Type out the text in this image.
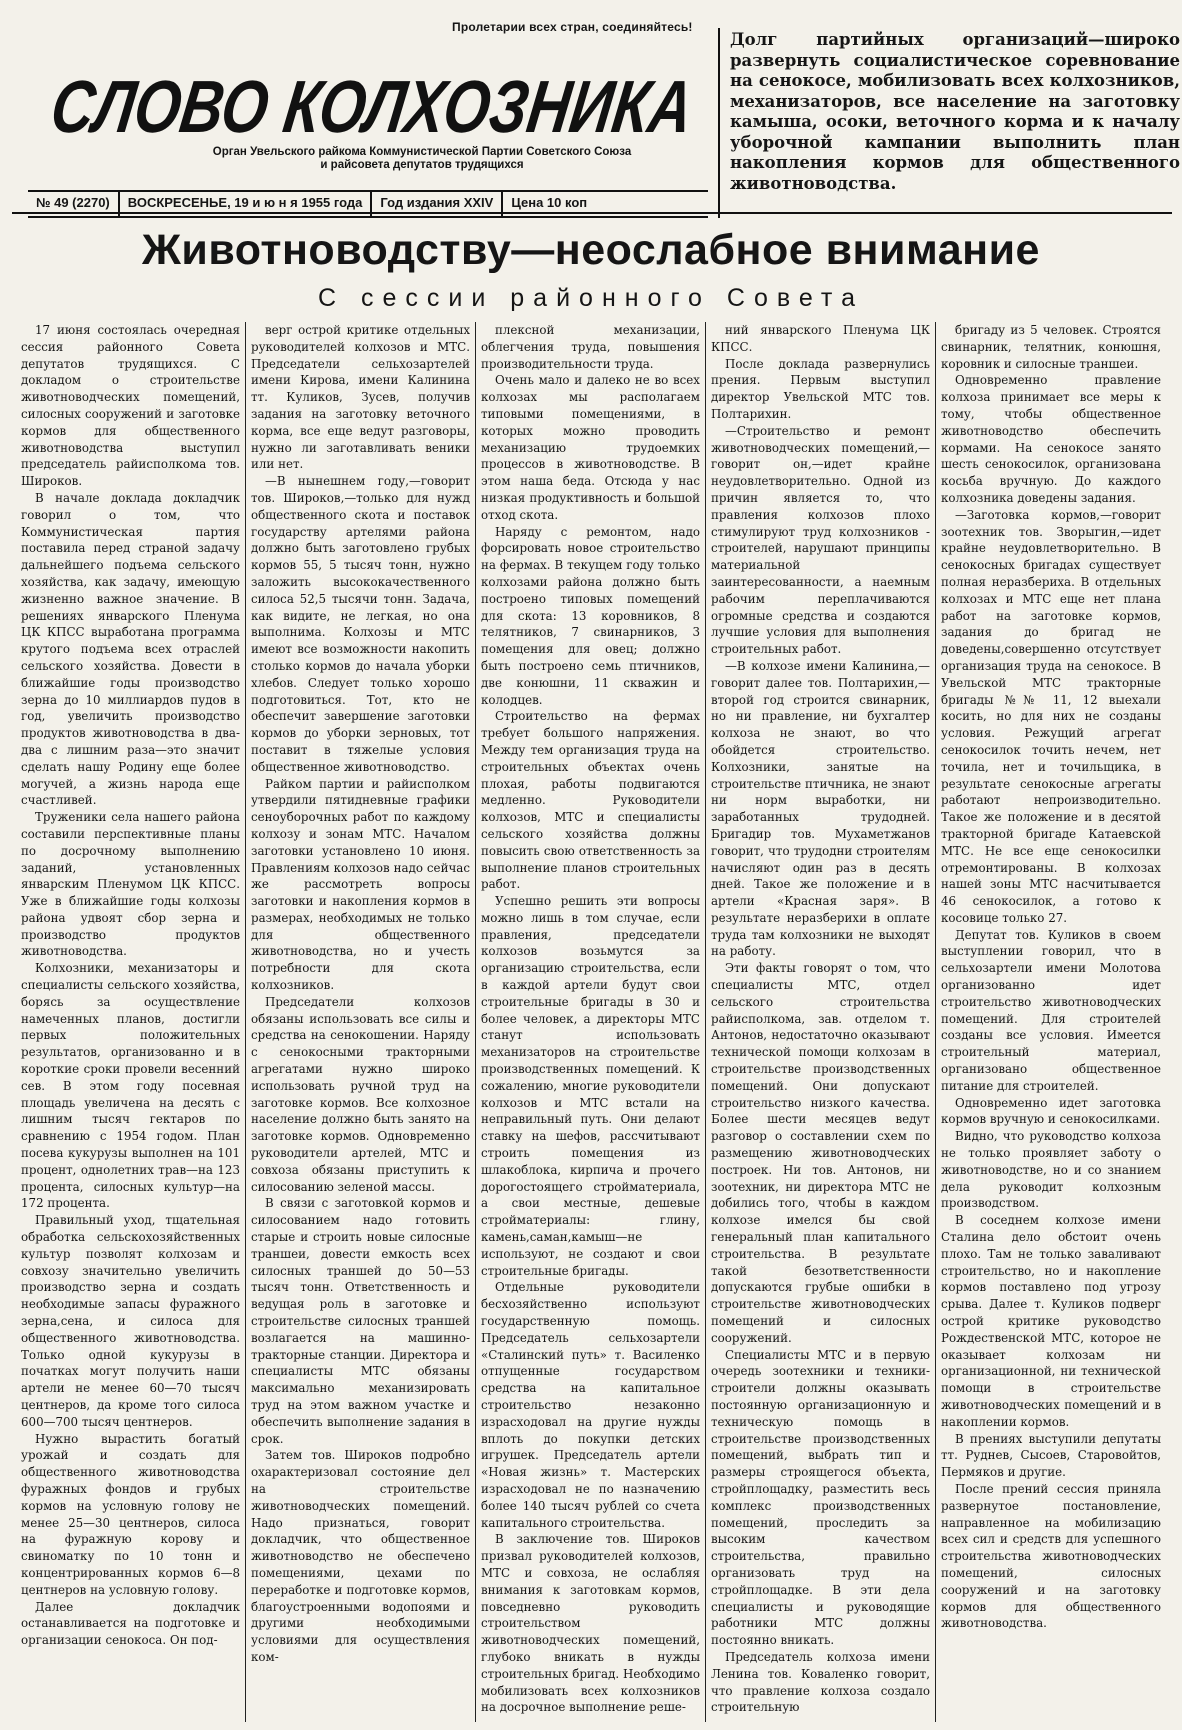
Пролетарии всех стран, соединяйтесь!
СЛОВО КОЛХОЗНИКА
Орган Увельского райкома Коммунистической Партии Советского Союза
и райсовета депутатов трудящихся
№ 49 (2270)	ВОСКРЕСЕНЬЕ, 19 и ю н я 1955 года	Год издания XXIV	Цена 10 коп
Долг партийных организаций—широко развернуть социалистическое соревнование на сенокосе, мобилизовать всех колхозников, механизаторов, все население на заготовку камыша, осоки, веточного корма и к началу уборочной кампании выполнить план накопления кормов для общественного животноводства.
Животноводству—неослабное внимание
С сессии районного Совета

17 июня состоялась очередная сессия районного Совета депутатов трудящихся. С докладом о строительстве животноводческих помещений, силосных сооружений и заготовке кормов для общественного животноводства выступил председатель райисполкома тов. Широков.

В начале доклада докладчик говорил о том, что Коммунистическая партия поставила перед страной задачу дальнейшего подъема сельского хозяйства, как задачу, имеющую жизненно важное значение. В решениях январского Пленума ЦК КПСС выработана программа крутого подъема всех отраслей сельского хозяйства. Довести в ближайшие годы производство зерна до 10 миллиардов пудов в год, увеличить производство продуктов животноводства в два-два с лишним раза—это значит сделать нашу Родину еще более могучей, а жизнь народа еще счастливей.

Труженики села нашего района составили перспективные планы по досрочному выполнению заданий, установленных январским Пленумом ЦК КПСС. Уже в ближайшие годы колхозы района удвоят сбор зерна и производство продуктов животноводства.

Колхозники, механизаторы и специалисты сельского хозяйства, борясь за осуществление намеченных планов, достигли первых положительных результатов, организованно и в короткие сроки провели весенний сев. В этом году посевная площадь увеличена на десять с лишним тысяч гектаров по сравнению с 1954 годом. План посева кукурузы выполнен на 101 процент, однолетних трав—на 123 процента, силосных культур—на 172 процента.

Правильный уход, тщательная обработка сельскохозяйственных культур позволят колхозам и совхозу значительно увеличить производство зерна и создать необходимые запасы фуражного зерна,сена, и силоса для общественного животноводства. Только одной кукурузы в початках могут получить наши артели не менее 60—70 тысяч центнеров, да кроме того силоса 600—700 тысяч центнеров.

Нужно вырастить богатый урожай и создать для общественного животноводства фуражных фондов и грубых кормов на условную голову не менее 25—30 центнеров, силоса на фуражную корову и свиноматку по 10 тонн и концентрированных кормов 6—8 центнеров на условную голову.

Далее докладчик останавливается на подготовке и организации сенокоса. Он под-

верг острой критике отдельных руководителей колхозов и МТС. Председатели сельхозартелей имени Кирова, имени Калинина тт. Куликов, Зусев, получив задания на заготовку веточного корма, все еще ведут разговоры, нужно ли заготавливать веники или нет.

—В нынешнем году,—говорит тов. Широков,—только для нужд общественного скота и поставок государству артелями района должно быть заготовлено грубых кормов 55, 5 тысяч тонн, нужно заложить высококачественного силоса 52,5 тысячи тонн. Задача, как видите, не легкая, но она выполнима. Колхозы и МТС имеют все возможности накопить столько кормов до начала уборки хлебов. Следует только хорошо подготовиться. Тот, кто не обеспечит завершение заготовки кормов до уборки зерновых, тот поставит в тяжелые условия общественное животноводство.

Райком партии и райисполком утвердили пятидневные графики сеноуборочных работ по каждому колхозу и зонам МТС. Началом заготовки установлено 10 июня. Правлениям колхозов надо сейчас же рассмотреть вопросы заготовки и накопления кормов в размерах, необходимых не только для общественного животноводства, но и учесть потребности для скота колхозников.

Председатели колхозов обязаны использовать все силы и средства на сенокошении. Наряду с сенокосными тракторными агрегатами нужно широко использовать ручной труд на заготовке кормов. Все колхозное население должно быть занято на заготовке кормов. Одновременно руководители артелей, МТС и совхоза обязаны приступить к силосованию зеленой массы.

В связи с заготовкой кормов и силосованием надо готовить старые и строить новые силосные траншеи, довести емкость всех силосных траншей до 50—53 тысяч тонн. Ответственность и ведущая роль в заготовке и строительстве силосных траншей возлагается на машинно-тракторные станции. Директора и специалисты МТС обязаны максимально механизировать труд на этом важном участке и обеспечить выполнение задания в срок.

Затем тов. Широков подробно охарактеризовал состояние дел на строительстве животноводческих помещений. Надо признаться, говорит докладчик, что общественное животноводство не обеспечено помещениями, цехами по переработке и подготовке кормов, благоустроенными водопоями и другими необходимыми условиями для осуществления ком-

плексной механизации, облегчения труда, повышения производительности труда.

Очень мало и далеко не во всех колхозах мы располагаем типовыми помещениями, в которых можно проводить механизацию трудоемких процессов в животноводстве. В этом наша беда. Отсюда у нас низкая продуктивность и большой отход скота.

Наряду с ремонтом, надо форсировать новое строительство на фермах. В текущем году только колхозами района должно быть построено типовых помещений для скота: 13 коровников, 8 телятников, 7 свинарников, 3 помещения для овец; должно быть построено семь птичников, две конюшни, 11 скважин и колодцев.

Строительство на фермах требует большого напряжения. Между тем организация труда на строительных объектах очень плохая, работы подвигаются медленно. Руководители колхозов, МТС и специалисты сельского хозяйства должны повысить свою ответственность за выполнение планов строительных работ.

Успешно решить эти вопросы можно лишь в том случае, если правления, председатели колхозов возьмутся за организацию строительства, если в каждой артели будут свои строительные бригады в 30 и более человек, а директоры МТС станут использовать механизаторов на строительстве производственных помещений. К сожалению, многие руководители колхозов и МТС встали на неправильный путь. Они делают ставку на шефов, рассчитывают строить помещения из шлакоблока, кирпича и прочего дорогостоящего стройматериала, а свои местные, дешевые стройматериалы: глину, камень,саман,камыш—не используют, не создают и свои строительные бригады.

Отдельные руководители бесхозяйственно используют государственную помощь. Председатель сельхозартели «Сталинский путь» т. Василенко отпущенные государством средства на капитальное строительство незаконно израсходовал на другие нужды вплоть до покупки детских игрушек. Председатель артели «Новая жизнь» т. Мастерских израсходовал не по назначению более 140 тысяч рублей со счета капитального строительства.

В заключение тов. Широков призвал руководителей колхозов, МТС и совхоза, не ослабляя внимания к заготовкам кормов, повседневно руководить строительством животноводческих помещений, глубоко вникать в нужды строительных бригад. Необходимо мобилизовать всех колхозников на досрочное выполнение реше-

ний январского Пленума ЦК КПСС.

После доклада развернулись прения. Первым выступил директор Увельской МТС тов. Полтарихин.

—Строительство и ремонт животноводческих помещений,—говорит он,—идет крайне неудовлетворительно. Одной из причин является то, что правления колхозов плохо стимулируют труд колхозников - строителей, нарушают принципы материальной заинтересованности, а наемным рабочим переплачиваются огромные средства и создаются лучшие условия для выполнения строительных работ.

—В колхозе имени Калинина,—говорит далее тов. Полтарихин,—второй год строится свинарник, но ни правление, ни бухгалтер колхоза не знают, во что обойдется строительство. Колхозники, занятые на строительстве птичника, не знают ни норм выработки, ни заработанных трудодней. Бригадир тов. Мухаметжанов говорит, что трудодни строителям начисляют один раз в десять дней. Такое же положение и в артели «Красная заря». В результате неразберихи в оплате труда там колхозники не выходят на работу.

Эти факты говорят о том, что специалисты МТС, отдел сельского строительства райисполкома, зав. отделом т. Антонов, недостаточно оказывают технической помощи колхозам в строительстве производственных помещений. Они допускают строительство низкого качества. Более шести месяцев ведут разговор о составлении схем по размещению животноводческих построек. Ни тов. Антонов, ни зоотехник, ни директора МТС не добились того, чтобы в каждом колхозе имелся бы свой генеральный план капитального строительства. В результате такой безответственности допускаются грубые ошибки в строительстве животноводческих помещений и силосных сооружений.

Специалисты МТС и в первую очередь зоотехники и техники-строители должны оказывать постоянную организационную и техническую помощь в строительстве производственных помещений, выбрать тип и размеры строящегося объекта, стройплощадку, разместить весь комплекс производственных помещений, проследить за высоким качеством строительства, правильно организовать труд на стройплощадке. В эти дела специалисты и руководящие работники МТС должны постоянно вникать.

Председатель колхоза имени Ленина тов. Коваленко говорит, что правление колхоза создало строительную

бригаду из 5 человек. Строятся свинарник, телятник, конюшня, коровник и силосные траншеи.

Одновременно правление колхоза принимает все меры к тому, чтобы общественное животноводство обеспечить кормами. На сенокосе занято шесть сенокосилок, организована косьба вручную. До каждого колхозника доведены задания.

—Заготовка кормов,—говорит зоотехник тов. Зворыгин,—идет крайне неудовлетворительно. В сенокосных бригадах существует полная неразбериха. В отдельных колхозах и МТС еще нет плана работ на заготовке кормов, задания до бригад не доведены,совершенно отсутствует организация труда на сенокосе. В Увельской МТС тракторные бригады №№ 11, 12 выехали косить, но для них не созданы условия. Режущий агрегат сенокосилок точить нечем, нет точила, нет и точильщика, в результате сенокосные агрегаты работают непроизводительно. Такое же положение и в десятой тракторной бригаде Катаевской МТС. Не все еще сенокосилки отремонтированы. В колхозах нашей зоны МТС насчитывается 46 сенокосилок, а готово к косовице только 27.

Депутат тов. Куликов в своем выступлении говорил, что в сельхозартели имени Молотова организованно идет строительство животноводческих помещений. Для строителей созданы все условия. Имеется строительный материал, организовано общественное питание для строителей.

Одновременно идет заготовка кормов вручную и сенокосилками.

Видно, что руководство колхоза не только проявляет заботу о животноводстве, но и со знанием дела руководит колхозным производством.

В соседнем колхозе имени Сталина дело обстоит очень плохо. Там не только заваливают строительство, но и накопление кормов поставлено под угрозу срыва. Далее т. Куликов подверг острой критике руководство Рождественской МТС, которое не оказывает колхозам ни организационной, ни технической помощи в строительстве животноводческих помещений и в накоплении кормов.

В прениях выступили депутаты тт. Руднев, Сысоев, Старовойтов, Пермяков и другие.

После прений сессия приняла развернутое постановление, направленное на мобилизацию всех сил и средств для успешного строительства животноводческих помещений, силосных сооружений и на заготовку кормов для общественного животноводства.
